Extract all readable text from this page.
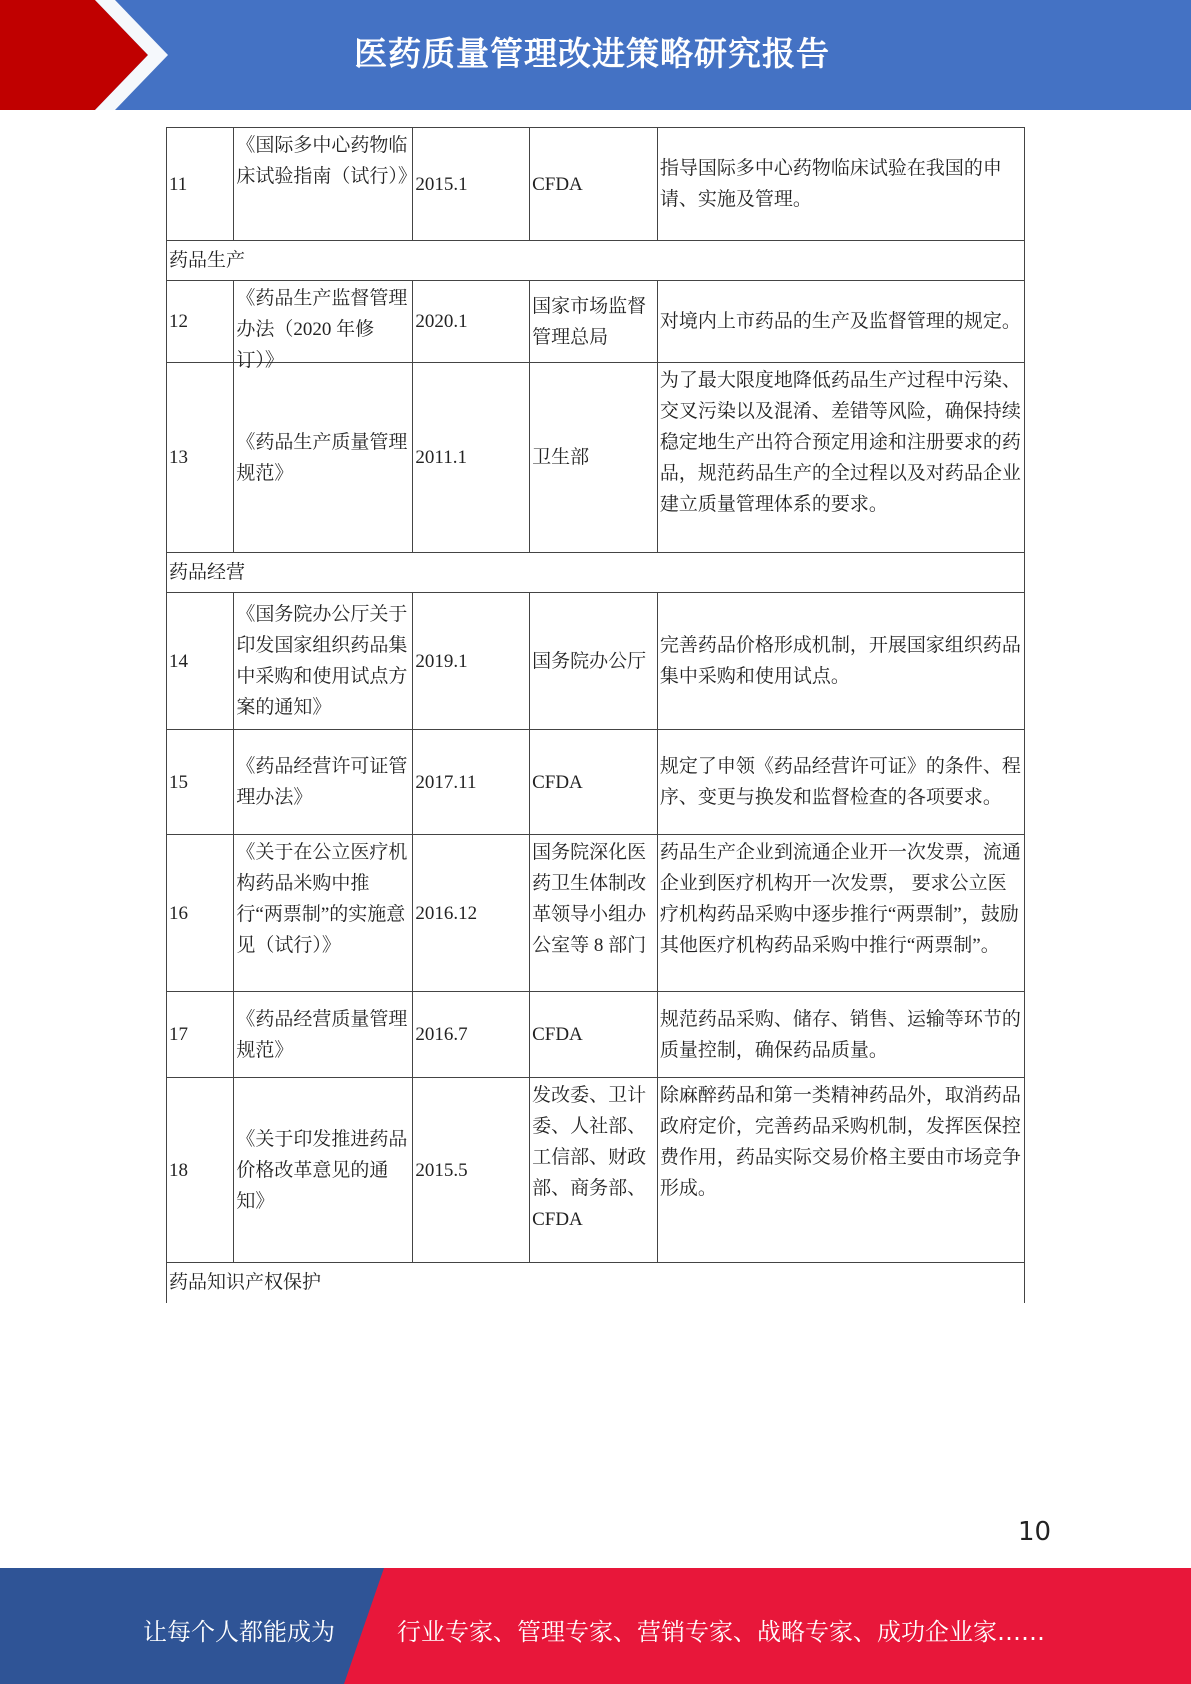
医药质量管理改进策略研究报告
11	《国际多中心药物临床试验指南（试行）》	2015.1	CFDA	指导国际多中心药物临床试验在我国的申请、实施及管理。
药品生产				
12	《药品生产监督管理办法（2020 年修订）》	2020.1	国家市场监督管理总局	对境内上市药品的生产及监督管理的规定。
13	《药品生产质量管理规范》	2011.1	卫生部	为了最大限度地降低药品生产过程中污染、交叉污染以及混淆、差错等风险，确保持续稳定地生产出符合预定用途和注册要求的药品，规范药品生产的全过程以及对药品企业建立质量管理体系的要求。
药品经营				
14	《国务院办公厅关于印发国家组织药品集中采购和使用试点方案的通知》	2019.1	国务院办公厅	完善药品价格形成机制，开展国家组织药品集中采购和使用试点。
15	《药品经营许可证管理办法》	2017.11	CFDA	规定了申领《药品经营许可证》的条件、程序、变更与换发和监督检查的各项要求。
16	《关于在公立医疗机构药品米购中推行“两票制”的实施意见（试行）》	2016.12	国务院深化医药卫生体制改革领导小组办公室等 8 部门	药品生产企业到流通企业开一次发票，流通企业到医疗机构开一次发票， 要求公立医疗机构药品采购中逐步推行“两票制”，鼓励其他医疗机构药品采购中推行“两票制”。
17	《药品经营质量管理规范》	2016.7	CFDA	规范药品采购、储存、销售、运输等环节的质量控制，确保药品质量。
18	《关于印发推进药品价格改革意见的通知》	2015.5	发改委、卫计委、人社部、工信部、财政部、商务部、CFDA	除麻醉药品和第一类精神药品外，取消药品政府定价，完善药品采购机制，发挥医保控费作用，药品实际交易价格主要由市场竞争形成。
药品知识产权保护				
10
让每个人都能成为	行业专家、管理专家、营销专家、战略专家、成功企业家……
